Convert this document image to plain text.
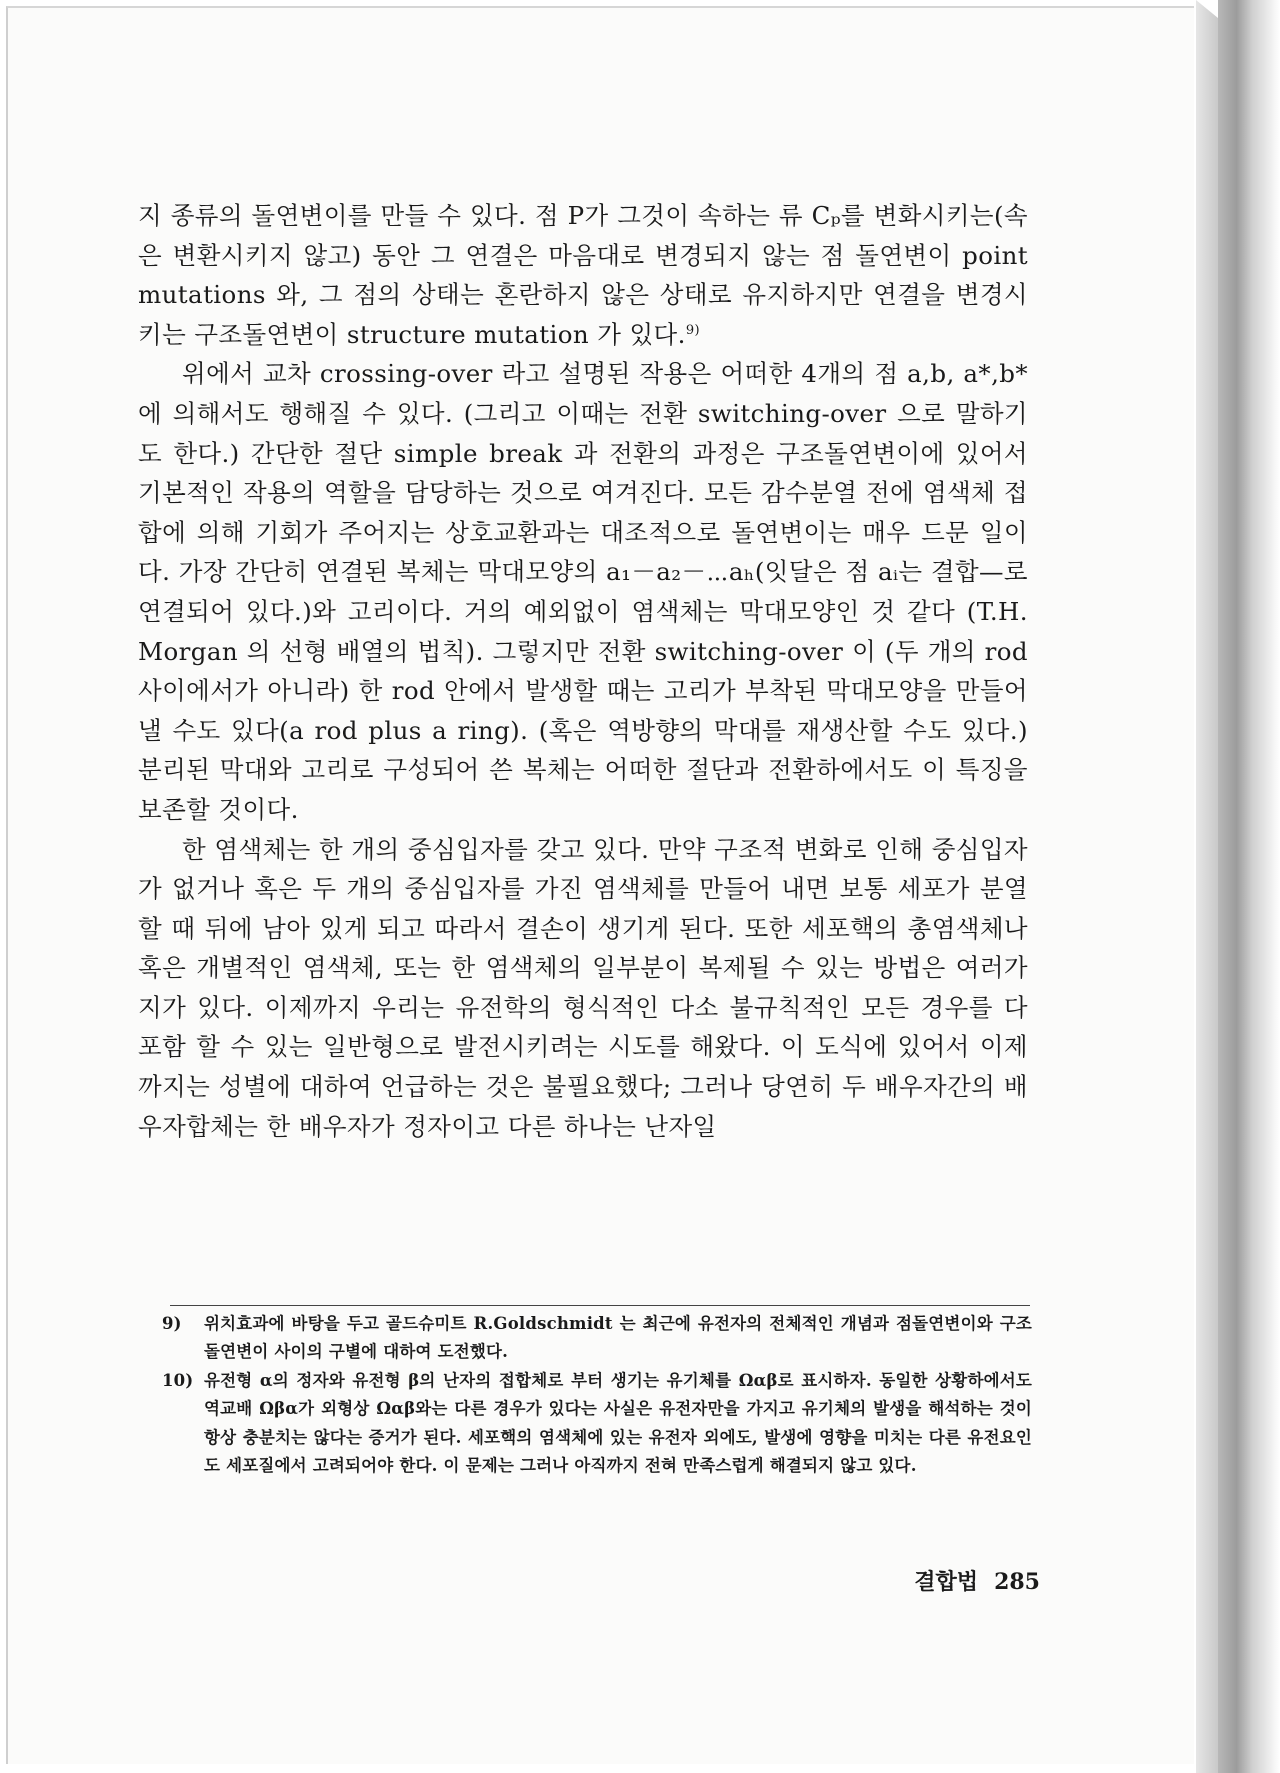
지 종류의 돌연변이를 만들 수 있다. 점 P가 그것이 속하는 류 Cₚ를 변화시키는(속은 변환시키지 않고) 동안 그 연결은 마음대로 변경되지 않는 점 돌연변이 point mutations 와, 그 점의 상태는 혼란하지 않은 상태로 유지하지만 연결을 변경시키는 구조돌연변이 structure mutation 가 있다.$^{9)}$

위에서 교차 crossing-over 라고 설명된 작용은 어떠한 4개의 점 a,b, a*,b*에 의해서도 행해질 수 있다. (그리고 이때는 전환 switching-over 으로 말하기도 한다.) 간단한 절단 simple break 과 전환의 과정은 구조돌연변이에 있어서 기본적인 작용의 역할을 담당하는 것으로 여겨진다. 모든 감수분열 전에 염색체 접합에 의해 기회가 주어지는 상호교환과는 대조적으로 돌연변이는 매우 드문 일이다. 가장 간단히 연결된 복체는 막대모양의 a₁－a₂－⋯aₕ(잇달은 점 aᵢ는 결합—로 연결되어 있다.)와 고리이다. 거의 예외없이 염색체는 막대모양인 것 같다 (T.H. Morgan 의 선형 배열의 법칙). 그렇지만 전환 switching-over 이 (두 개의 rod 사이에서가 아니라) 한 rod 안에서 발생할 때는 고리가 부착된 막대모양을 만들어낼 수도 있다(a rod plus a ring). (혹은 역방향의 막대를 재생산할 수도 있다.) 분리된 막대와 고리로 구성되어 쓴 복체는 어떠한 절단과 전환하에서도 이 특징을 보존할 것이다.

한 염색체는 한 개의 중심입자를 갖고 있다. 만약 구조적 변화로 인해 중심입자가 없거나 혹은 두 개의 중심입자를 가진 염색체를 만들어 내면 보통 세포가 분열할 때 뒤에 남아 있게 되고 따라서 결손이 생기게 된다. 또한 세포핵의 총염색체나 혹은 개별적인 염색체, 또는 한 염색체의 일부분이 복제될 수 있는 방법은 여러가지가 있다. 이제까지 우리는 유전학의 형식적인 다소 불규칙적인 모든 경우를 다 포함 할 수 있는 일반형으로 발전시키려는 시도를 해왔다. 이 도식에 있어서 이제까지는 성별에 대하여 언급하는 것은 불필요했다; 그러나 당연히 두 배우자간의 배우자합체는 한 배우자가 정자이고 다른 하나는 난자일

9)	위치효과에 바탕을 두고 골드슈미트 R.Goldschmidt 는 최근에 유전자의 전체적인 개념과 점돌연변이와 구조돌연변이 사이의 구별에 대하여 도전했다.
10) 유전형 α의 정자와 유전형 β의 난자의 접합체로 부터 생기는 유기체를 Ωαβ로 표시하자. 동일한 상황하에서도 역교배 Ωβα가 외형상 Ωαβ와는 다른 경우가 있다는 사실은 유전자만을 가지고 유기체의 발생을 해석하는 것이 항상 충분치는 않다는 증거가 된다. 세포핵의 염색체에 있는 유전자 외에도, 발생에 영향을 미치는 다른 유전요인도 세포질에서 고려되어야 한다. 이 문제는 그러나 아직까지 전혀 만족스럽게 해결되지 않고 있다.
결합법 285
